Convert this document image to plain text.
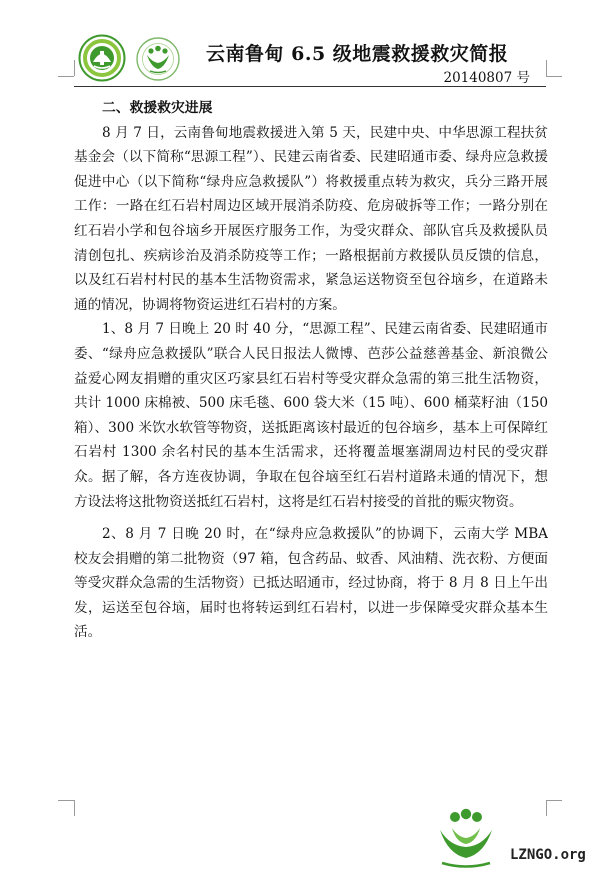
云南鲁甸 6.5 级地震救援救灾简报
20140807 号

二、救援救灾进展

8 月 7 日，云南鲁甸地震救援进入第 5 天，民建中央、中华思源工程扶贫基金会（以下简称“思源工程”）、民建云南省委、民建昭通市委、绿舟应急救援促进中心（以下简称“绿舟应急救援队”）将救援重点转为救灾，兵分三路开展工作：一路在红石岩村周边区域开展消杀防疫、危房破拆等工作；一路分别在红石岩小学和包谷垴乡开展医疗服务工作，为受灾群众、部队官兵及救援队员清创包扎、疾病诊治及消杀防疫等工作；一路根据前方救援队员反馈的信息，以及红石岩村村民的基本生活物资需求，紧急运送物资至包谷垴乡，在道路未通的情况，协调将物资运进红石岩村的方案。

1、8 月 7 日晚上 20 时 40 分，“思源工程”、民建云南省委、民建昭通市委、“绿舟应急救援队”联合人民日报法人微博、芭莎公益慈善基金、新浪微公益爱心网友捐赠的重灾区巧家县红石岩村等受灾群众急需的第三批生活物资，共计 1000 床棉被、500 床毛毯、600 袋大米（15 吨）、600 桶菜籽油（150 箱）、300 米饮水软管等物资，送抵距离该村最近的包谷垴乡，基本上可保障红石岩村 1300 余名村民的基本生活需求，还将覆盖堰塞湖周边村民的受灾群众。据了解，各方连夜协调，争取在包谷垴至红石岩村道路未通的情况下，想方设法将这批物资送抵红石岩村，这将是红石岩村接受的首批的赈灾物资。

2、8 月 7 日晚 20 时，在“绿舟应急救援队”的协调下，云南大学 MBA 校友会捐赠的第二批物资（97 箱，包含药品、蚊香、风油精、洗衣粉、方便面等受灾群众急需的生活物资）已抵达昭通市，经过协商，将于 8 月 8 日上午出发，运送至包谷垴，届时也将转运到红石岩村，以进一步保障受灾群众基本生活。

LZNGO.org
